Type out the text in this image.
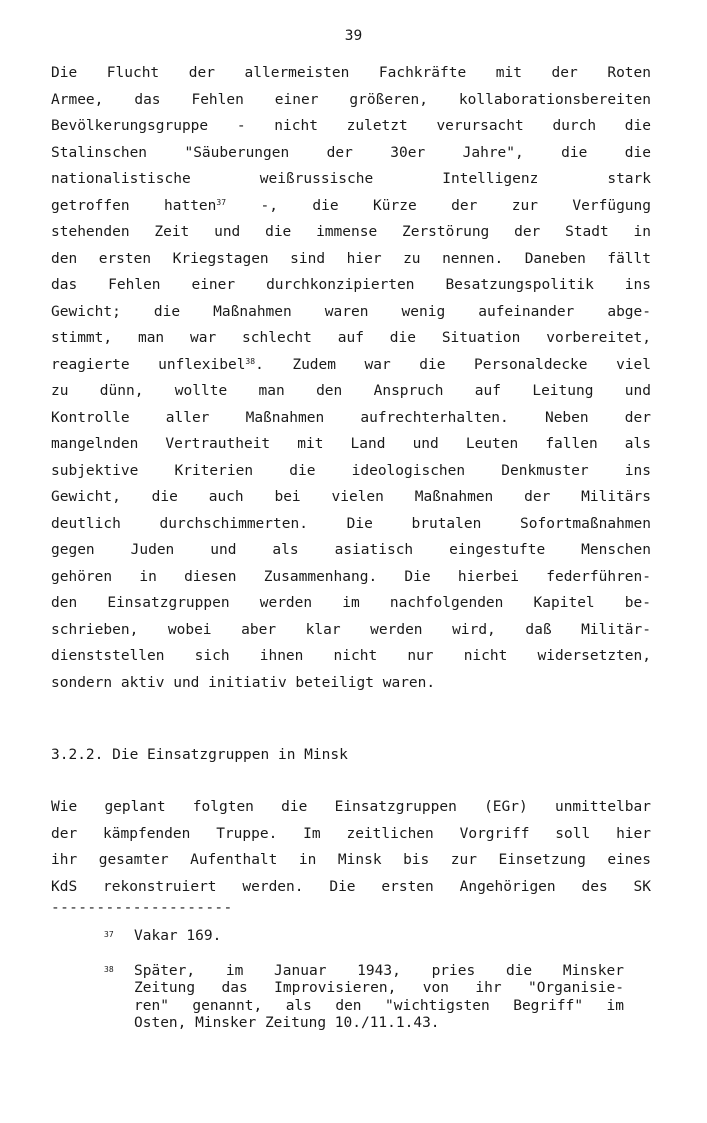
39
Die Flucht der allermeisten Fachkräfte mit der Roten
Armee, das Fehlen einer größeren, kollaborationsbereiten
Bevölkerungsgruppe - nicht zuletzt verursacht durch die
Stalinschen "Säuberungen der 30er Jahre", die die
nationalistische weißrussische Intelligenz stark
getroffen hatten$^{37}$ -, die Kürze der zur Verfügung
stehenden Zeit und die immense Zerstörung der Stadt in
den ersten Kriegstagen sind hier zu nennen. Daneben fällt
das Fehlen einer durchkonzipierten Besatzungspolitik ins
Gewicht; die Maßnahmen waren wenig aufeinander abge-
stimmt, man war schlecht auf die Situation vorbereitet,
reagierte unflexibel$^{38}$. Zudem war die Personaldecke viel
zu dünn, wollte man den Anspruch auf Leitung und
Kontrolle aller Maßnahmen aufrechterhalten. Neben der
mangelnden Vertrautheit mit Land und Leuten fallen als
subjektive Kriterien die ideologischen Denkmuster ins
Gewicht, die auch bei vielen Maßnahmen der Militärs
deutlich durchschimmerten. Die brutalen Sofortmaßnahmen
gegen Juden und als asiatisch eingestufte Menschen
gehören in diesen Zusammenhang. Die hierbei federführen-
den Einsatzgruppen werden im nachfolgenden Kapitel be-
schrieben, wobei aber klar werden wird, daß Militär-
dienststellen sich ihnen nicht nur nicht widersetzten,
sondern aktiv und initiativ beteiligt waren.
3.2.2. Die Einsatzgruppen in Minsk
Wie geplant folgten die Einsatzgruppen (EGr) unmittelbar
der kämpfenden Truppe. Im zeitlichen Vorgriff soll hier
ihr gesamter Aufenthalt in Minsk bis zur Einsetzung eines
KdS rekonstruiert werden. Die ersten Angehörigen des SK
--------------------
37	Vakar 169.
38	Später, im Januar 1943, pries die Minsker
Zeitung das Improvisieren, von ihr "Organisie-
ren" genannt, als den "wichtigsten Begriff" im
Osten, Minsker Zeitung 10./11.1.43.
